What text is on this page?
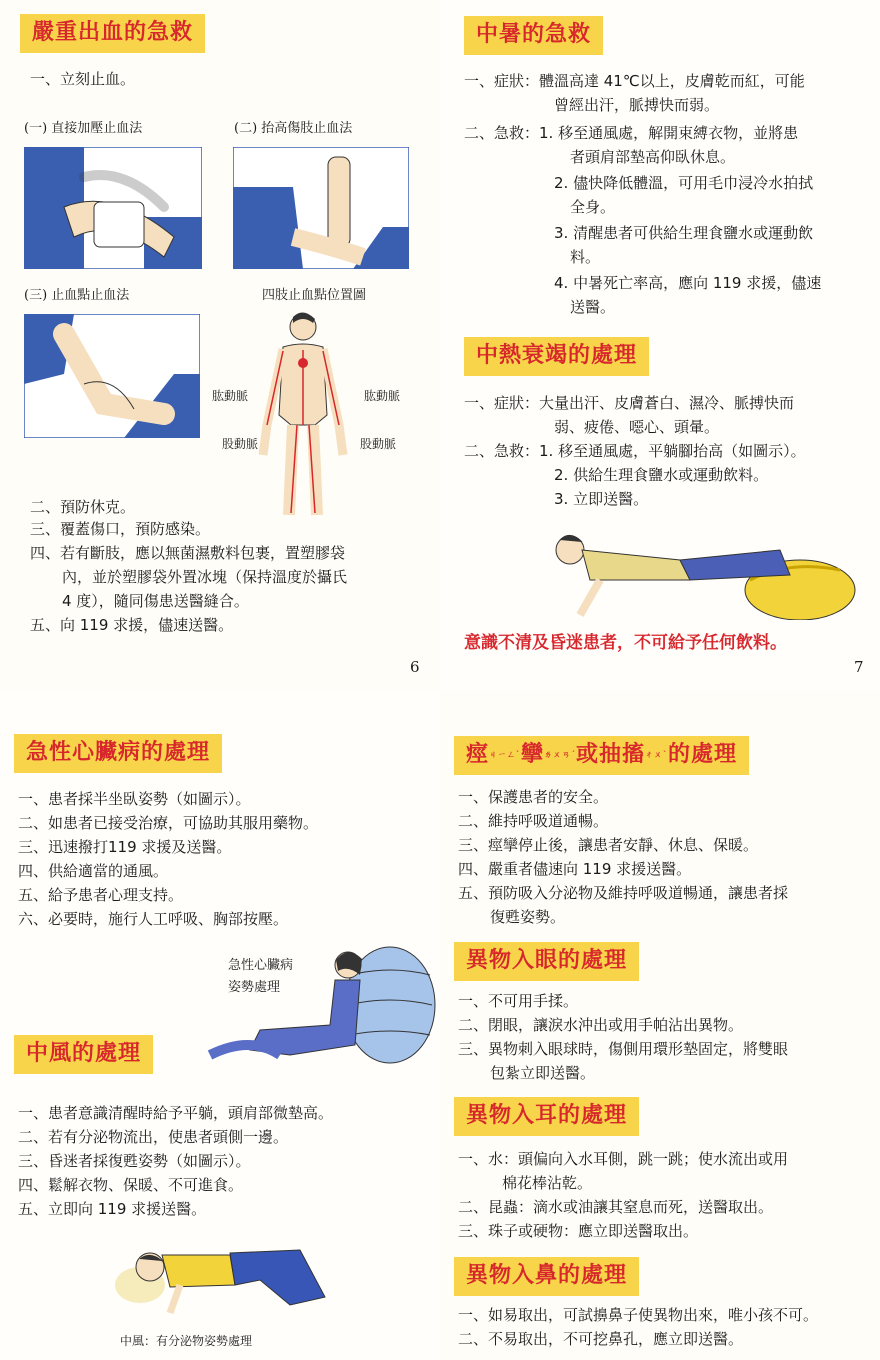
嚴重出血的急救
一、立刻止血。
(一) 直接加壓止血法	(二) 抬高傷肢止血法
(三) 止血點止血法	四肢止血點位置圖
肱動脈	肱動脈
股動脈	股動脈
二、預防休克。
三、覆蓋傷口，預防感染。
四、若有斷肢，應以無菌濕敷料包裹，置塑膠袋
內，並於塑膠袋外置冰塊（保持溫度於攝氏
4 度），隨同傷患送醫縫合。
五、向 119 求援，儘速送醫。
6
中暑的急救
一、症狀：體溫高達 41℃以上，皮膚乾而紅，可能
曾經出汗，脈搏快而弱。
二、急救：1. 移至通風處，解開束縛衣物，並將患
者頭肩部墊高仰臥休息。
2. 儘快降低體溫，可用毛巾浸冷水拍拭
全身。
3. 清醒患者可供給生理食鹽水或運動飲
料。
4. 中暑死亡率高，應向 119 求援，儘速
送醫。
中熱衰竭的處理
一、症狀：大量出汗、皮膚蒼白、濕冷、脈搏快而
弱、疲倦、噁心、頭暈。
二、急救：1. 移至通風處，平躺腳抬高（如圖示）。
2. 供給生理食鹽水或運動飲料。
3. 立即送醫。
意識不清及昏迷患者，不可給予任何飲料。
7
急性心臟病的處理
一、患者採半坐臥姿勢（如圖示）。
二、如患者已接受治療，可協助其服用藥物。
三、迅速撥打119 求援及送醫。
四、供給適當的通風。
五、給予患者心理支持。
六、必要時，施行人工呼吸、胸部按壓。
急性心臟病
姿勢處理
中風的處理
一、患者意識清醒時給予平躺，頭肩部微墊高。
二、若有分泌物流出，使患者頭側一邊。
三、昏迷者採復甦姿勢（如圖示）。
四、鬆解衣物、保暖、不可進食。
五、立即向 119 求援送醫。
中風：有分泌物姿勢處理
痙$^{ㄐㄧㄥˋ}$攣$^{ㄌㄨㄢˊ}$或抽搐$^{ㄔㄨˋ}$的處理
一、保護患者的安全。
二、維持呼吸道通暢。
三、痙攣停止後，讓患者安靜、休息、保暖。
四、嚴重者儘速向 119 求援送醫。
五、預防吸入分泌物及維持呼吸道暢通，讓患者採
復甦姿勢。
異物入眼的處理
一、不可用手揉。
二、閉眼，讓淚水沖出或用手帕沾出異物。
三、異物刺入眼球時，傷側用環形墊固定，將雙眼
包紮立即送醫。
異物入耳的處理
一、水：頭偏向入水耳側，跳一跳；使水流出或用
棉花棒沾乾。
二、昆蟲：滴水或油讓其窒息而死，送醫取出。
三、珠子或硬物：應立即送醫取出。
異物入鼻的處理
一、如易取出，可試擤鼻子使異物出來，唯小孩不可。
二、不易取出，不可挖鼻孔，應立即送醫。
